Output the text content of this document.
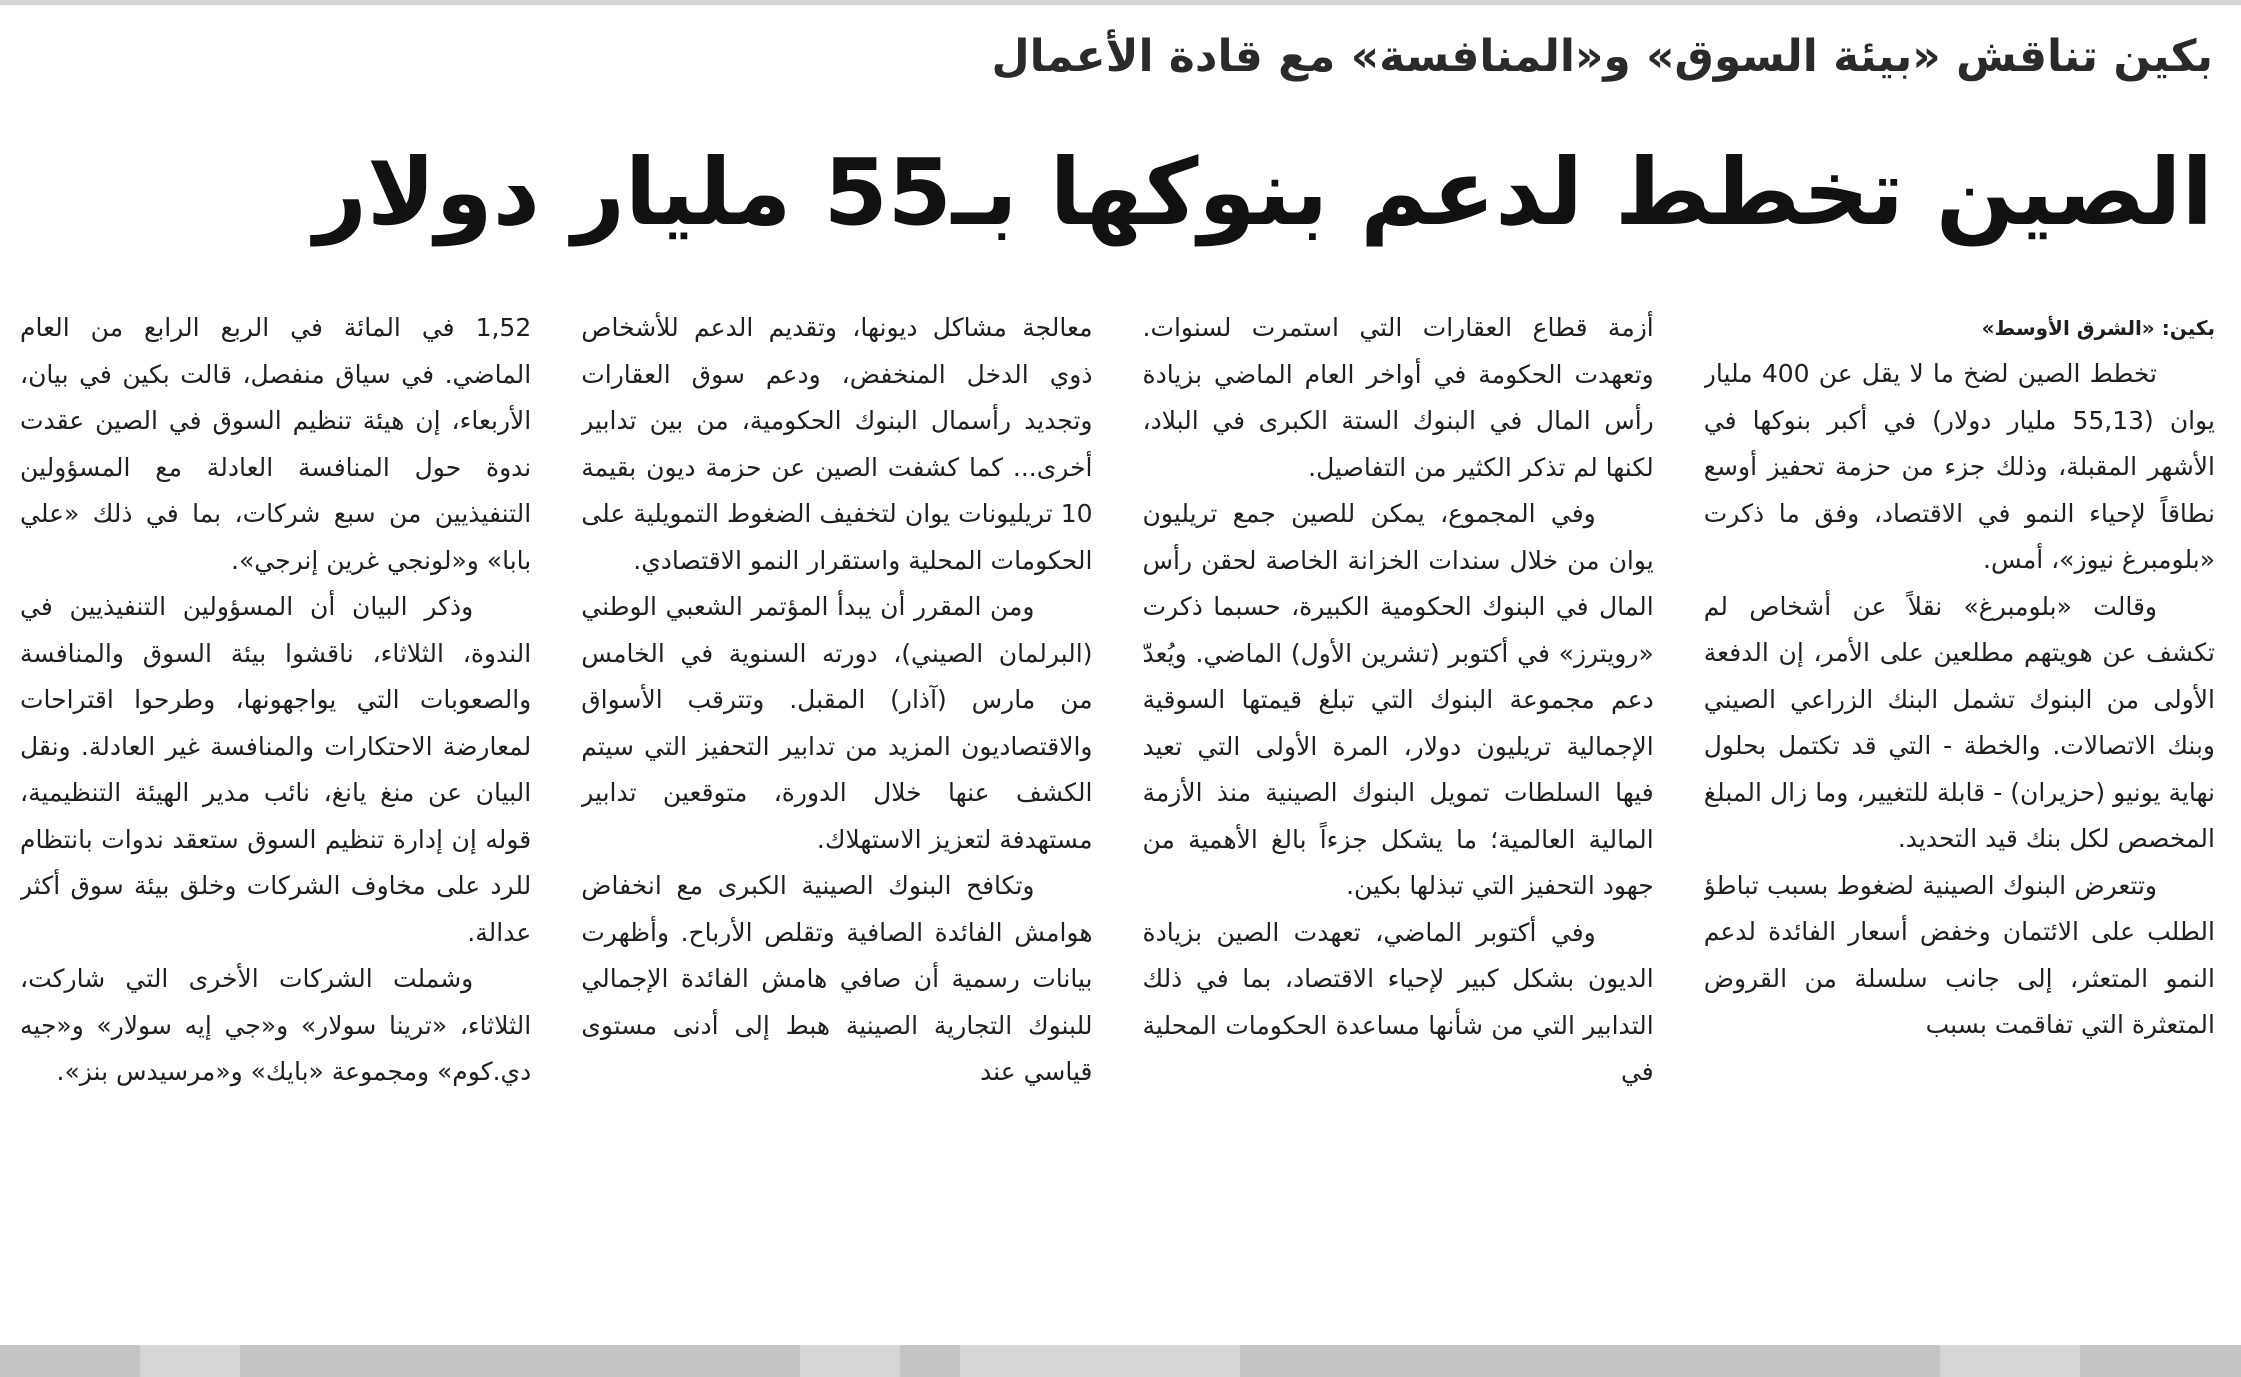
بكين تناقش «بيئة السوق» و«المنافسة» مع قادة الأعمال
الصين تخطط لدعم بنوكها بـ55 مليار دولار

بكين: «الشرق الأوسط»

تخطط الصين لضخ ما لا يقل عن 400 مليار يوان (55,13 مليار دولار) في أكبر بنوكها في الأشهر المقبلة، وذلك جزء من حزمة تحفيز أوسع نطاقاً لإحياء النمو في الاقتصاد، وفق ما ذكرت «بلومبرغ نيوز»، أمس.

وقالت «بلومبرغ» نقلاً عن أشخاص لم تكشف عن هويتهم مطلعين على الأمر، إن الدفعة الأولى من البنوك تشمل البنك الزراعي الصيني وبنك الاتصالات. والخطة - التي قد تكتمل بحلول نهاية يونيو (حزيران) - قابلة للتغيير، وما زال المبلغ المخصص لكل بنك قيد التحديد.

وتتعرض البنوك الصينية لضغوط بسبب تباطؤ الطلب على الائتمان وخفض أسعار الفائدة لدعم النمو المتعثر، إلى جانب سلسلة من القروض المتعثرة التي تفاقمت بسبب

أزمة قطاع العقارات التي استمرت لسنوات. وتعهدت الحكومة في أواخر العام الماضي بزيادة رأس المال في البنوك الستة الكبرى في البلاد، لكنها لم تذكر الكثير من التفاصيل.

وفي المجموع، يمكن للصين جمع تريليون يوان من خلال سندات الخزانة الخاصة لحقن رأس المال في البنوك الحكومية الكبيرة، حسبما ذكرت «رويترز» في أكتوبر (تشرين الأول) الماضي. ويُعدّ دعم مجموعة البنوك التي تبلغ قيمتها السوقية الإجمالية تريليون دولار، المرة الأولى التي تعيد فيها السلطات تمويل البنوك الصينية منذ الأزمة المالية العالمية؛ ما يشكل جزءاً بالغ الأهمية من جهود التحفيز التي تبذلها بكين.

وفي أكتوبر الماضي، تعهدت الصين بزيادة الديون بشكل كبير لإحياء الاقتصاد، بما في ذلك التدابير التي من شأنها مساعدة الحكومات المحلية في

معالجة مشاكل ديونها، وتقديم الدعم للأشخاص ذوي الدخل المنخفض، ودعم سوق العقارات وتجديد رأسمال البنوك الحكومية، من بين تدابير أخرى... كما كشفت الصين عن حزمة ديون بقيمة 10 تريليونات يوان لتخفيف الضغوط التمويلية على الحكومات المحلية واستقرار النمو الاقتصادي.

ومن المقرر أن يبدأ المؤتمر الشعبي الوطني (البرلمان الصيني)، دورته السنوية في الخامس من مارس (آذار) المقبل. وتترقب الأسواق والاقتصاديون المزيد من تدابير التحفيز التي سيتم الكشف عنها خلال الدورة، متوقعين تدابير مستهدفة لتعزيز الاستهلاك.

وتكافح البنوك الصينية الكبرى مع انخفاض هوامش الفائدة الصافية وتقلص الأرباح. وأظهرت بيانات رسمية أن صافي هامش الفائدة الإجمالي للبنوك التجارية الصينية هبط إلى أدنى مستوى قياسي عند

1,52 في المائة في الربع الرابع من العام الماضي. في سياق منفصل، قالت بكين في بيان، الأربعاء، إن هيئة تنظيم السوق في الصين عقدت ندوة حول المنافسة العادلة مع المسؤولين التنفيذيين من سبع شركات، بما في ذلك «علي بابا» و«لونجي غرين إنرجي».

وذكر البيان أن المسؤولين التنفيذيين في الندوة، الثلاثاء، ناقشوا بيئة السوق والمنافسة والصعوبات التي يواجهونها، وطرحوا اقتراحات لمعارضة الاحتكارات والمنافسة غير العادلة. ونقل البيان عن منغ يانغ، نائب مدير الهيئة التنظيمية، قوله إن إدارة تنظيم السوق ستعقد ندوات بانتظام للرد على مخاوف الشركات وخلق بيئة سوق أكثر عدالة.

وشملت الشركات الأخرى التي شاركت، الثلاثاء، «ترينا سولار» و«جي إيه سولار» و«جيه دي.كوم» ومجموعة «بايك» و«مرسيدس بنز».
